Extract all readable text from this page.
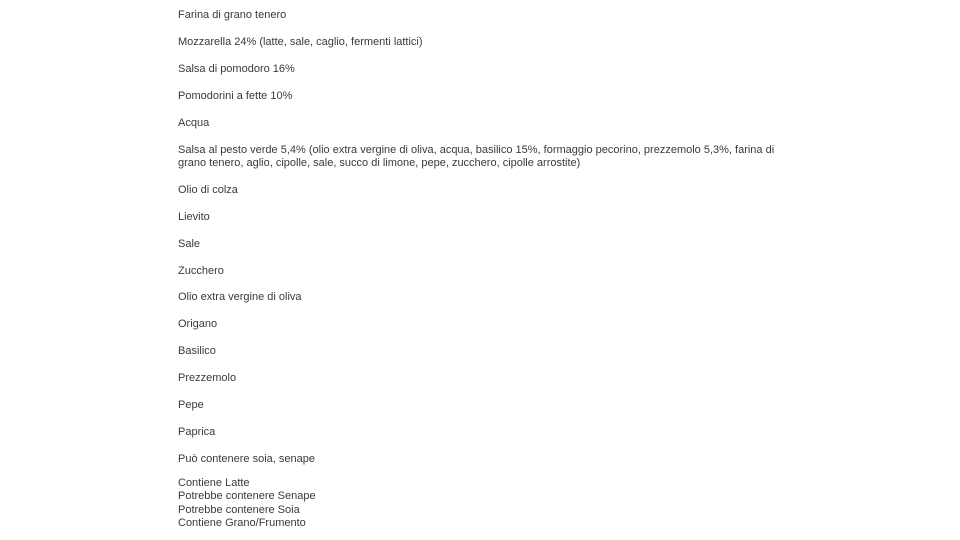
Farina di grano tenero
Mozzarella 24% (latte, sale, caglio, fermenti lattici)
Salsa di pomodoro 16%
Pomodorini a fette 10%
Acqua
Salsa al pesto verde 5,4% (olio extra vergine di oliva, acqua, basilico 15%, formaggio pecorino, prezzemolo 5,3%, farina di grano tenero, aglio, cipolle, sale, succo di limone, pepe, zucchero, cipolle arrostite)
Olio di colza
Lievito
Sale
Zucchero
Olio extra vergine di oliva
Origano
Basilico
Prezzemolo
Pepe
Paprica
Può contenere soia, senape
Contiene Latte
Potrebbe contenere Senape
Potrebbe contenere Soia
Contiene Grano/Frumento
